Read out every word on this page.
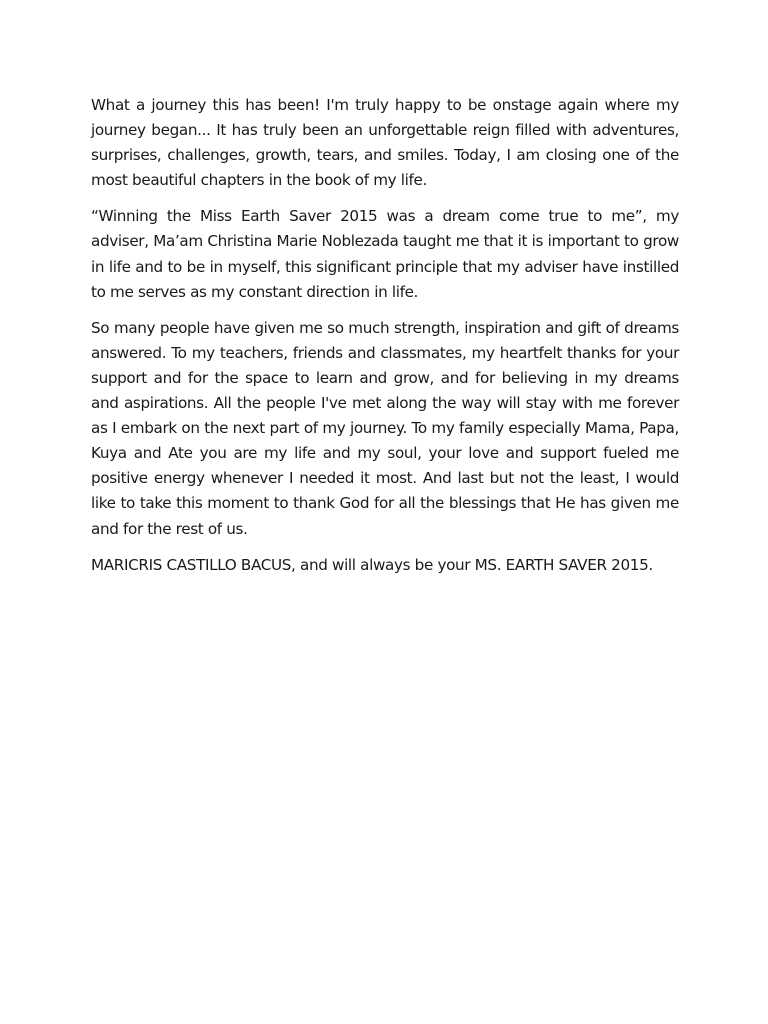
What a journey this has been! I'm truly happy to be onstage again where my journey began... It has truly been an unforgettable reign filled with adventures, surprises, challenges, growth, tears, and smiles. Today, I am closing one of the most beautiful chapters in the book of my life.

“Winning the Miss Earth Saver 2015 was a dream come true to me”, my adviser, Ma’am Christina Marie Noblezada taught me that it is important to grow in life and to be in myself, this significant principle that my adviser have instilled to me serves as my constant direction in life.

So many people have given me so much strength, inspiration and gift of dreams answered. To my teachers, friends and classmates, my heartfelt thanks for your support and for the space to learn and grow, and for believing in my dreams and aspirations. All the people I've met along the way will stay with me forever as I embark on the next part of my journey. To my family especially Mama, Papa, Kuya and Ate you are my life and my soul, your love and support fueled me positive energy whenever I needed it most. And last but not the least, I would like to take this moment to thank God for all the blessings that He has given me and for the rest of us.

MARICRIS CASTILLO BACUS, and will always be your MS. EARTH SAVER 2015.
